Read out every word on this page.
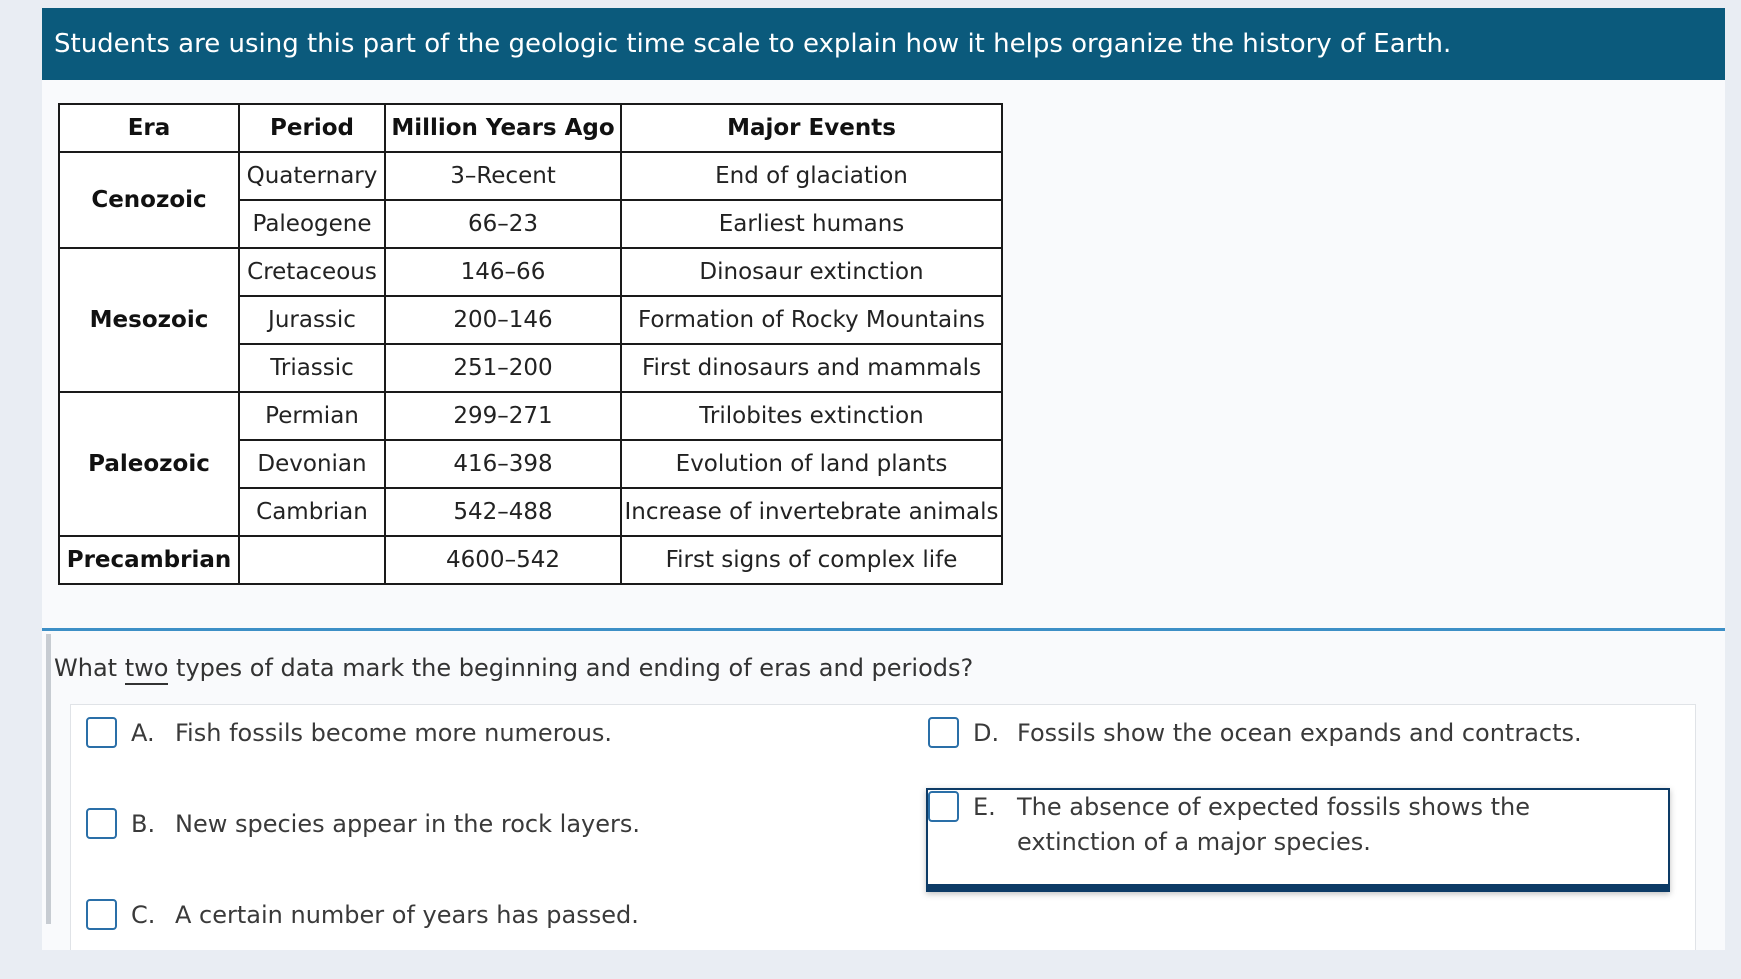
Students are using this part of the geologic time scale to explain how it helps organize the history of Earth.
Era	Period	Million Years Ago	Major Events
Cenozoic	Quaternary	3–Recent	End of glaciation
	Paleogene	66–23	Earliest humans
Mesozoic	Cretaceous	146–66	Dinosaur extinction
	Jurassic	200–146	Formation of Rocky Mountains
	Triassic	251–200	First dinosaurs and mammals
Paleozoic	Permian	299–271	Trilobites extinction
	Devonian	416–398	Evolution of land plants
	Cambrian	542–488	Increase of invertebrate animals
Precambrian		4600–542	First signs of complex life
What two types of data mark the beginning and ending of eras and periods?
A. Fish fossils become more numerous.
B. New species appear in the rock layers.
C. A certain number of years has passed.
D. Fossils show the ocean expands and contracts.
E. The absence of expected fossils shows the extinction of a major species.
